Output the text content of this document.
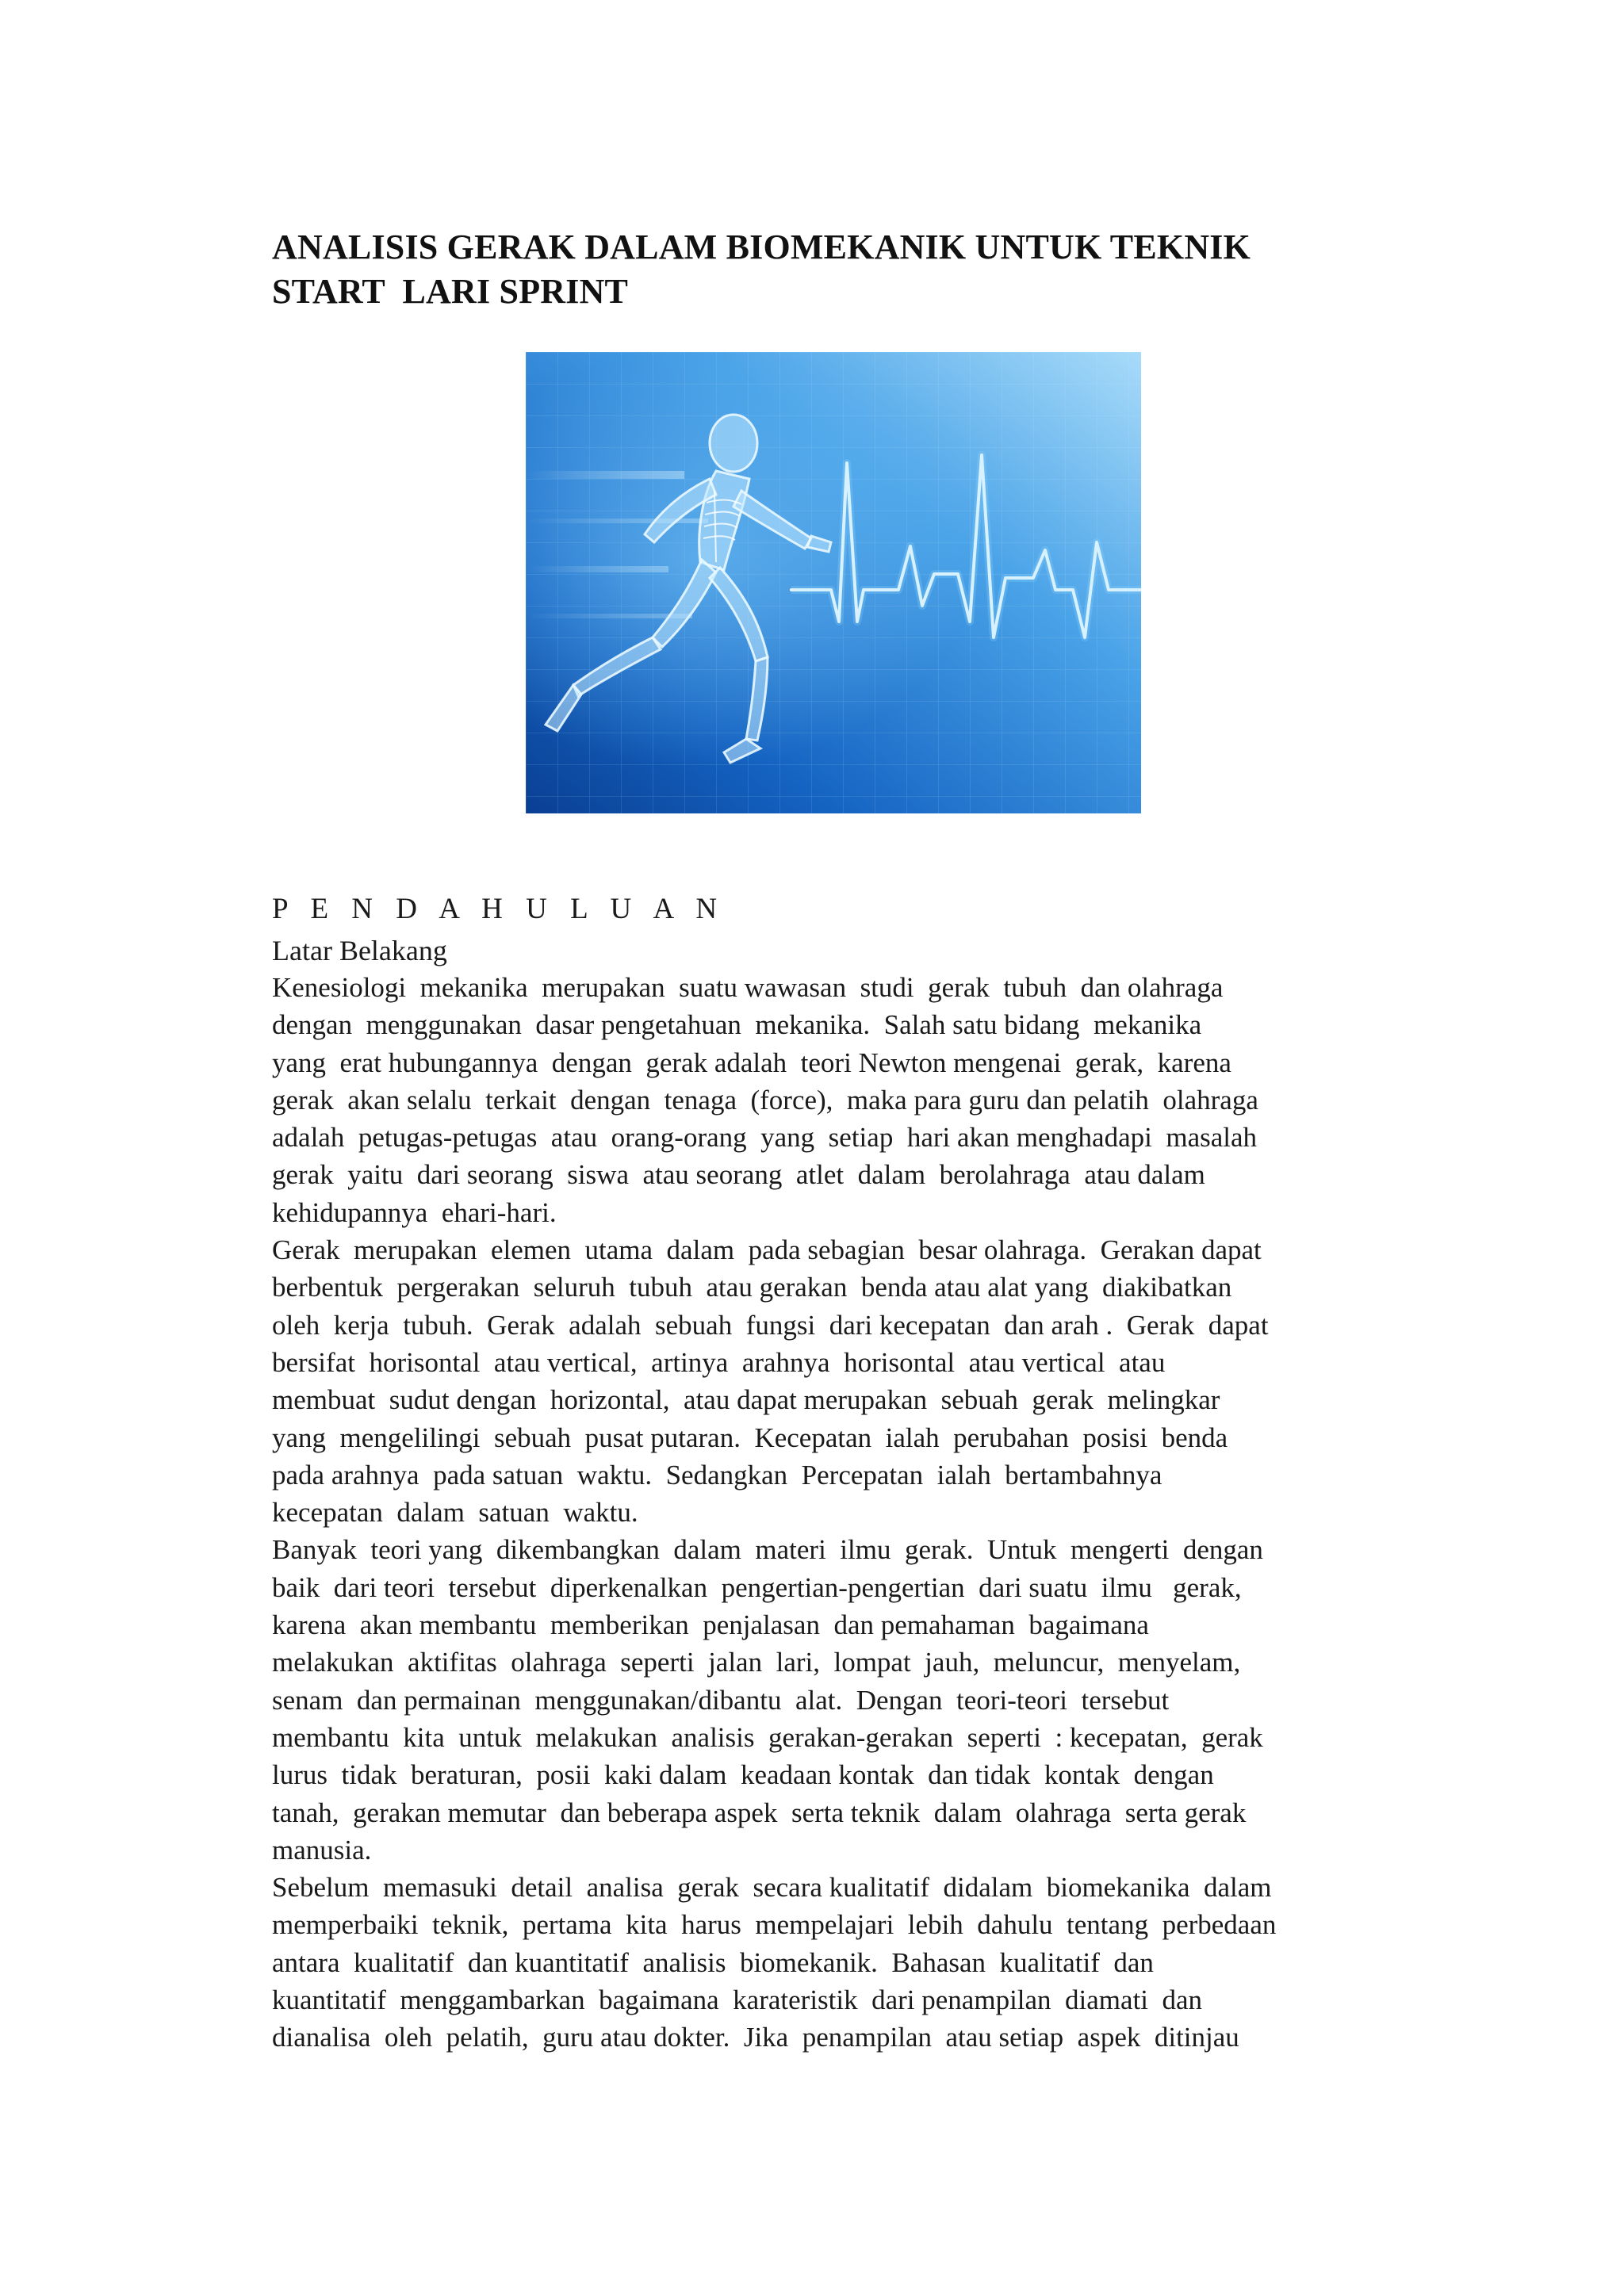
ANALISIS GERAK DALAM BIOMEKANIK UNTUK TEKNIK
START  LARI SPRINT
P E N D A H U L U A N
Latar Belakang

Kenesiologi  mekanika  merupakan  suatu wawasan  studi  gerak  tubuh  dan olahraga
dengan  menggunakan  dasar pengetahuan  mekanika.  Salah satu bidang  mekanika
yang  erat hubungannya  dengan  gerak adalah  teori Newton mengenai  gerak,  karena
gerak  akan selalu  terkait  dengan  tenaga  (force),  maka para guru dan pelatih  olahraga
adalah  petugas-petugas  atau  orang-orang  yang  setiap  hari akan menghadapi  masalah
gerak  yaitu  dari seorang  siswa  atau seorang  atlet  dalam  berolahraga  atau dalam
kehidupannya  ehari-hari.

Gerak  merupakan  elemen  utama  dalam  pada sebagian  besar olahraga.  Gerakan dapat
berbentuk  pergerakan  seluruh  tubuh  atau gerakan  benda atau alat yang  diakibatkan
oleh  kerja  tubuh.  Gerak  adalah  sebuah  fungsi  dari kecepatan  dan arah .  Gerak  dapat
bersifat  horisontal  atau vertical,  artinya  arahnya  horisontal  atau vertical  atau
membuat  sudut dengan  horizontal,  atau dapat merupakan  sebuah  gerak  melingkar
yang  mengelilingi  sebuah  pusat putaran.  Kecepatan  ialah  perubahan  posisi  benda
pada arahnya  pada satuan  waktu.  Sedangkan  Percepatan  ialah  bertambahnya
kecepatan  dalam  satuan  waktu.

Banyak  teori yang  dikembangkan  dalam  materi  ilmu  gerak.  Untuk  mengerti  dengan
baik  dari teori  tersebut  diperkenalkan  pengertian-pengertian  dari suatu  ilmu   gerak,
karena  akan membantu  memberikan  penjalasan  dan pemahaman  bagaimana
melakukan  aktifitas  olahraga  seperti  jalan  lari,  lompat  jauh,  meluncur,  menyelam,
senam  dan permainan  menggunakan/dibantu  alat.  Dengan  teori-teori  tersebut
membantu  kita  untuk  melakukan  analisis  gerakan-gerakan  seperti  : kecepatan,  gerak
lurus  tidak  beraturan,  posii  kaki dalam  keadaan kontak  dan tidak  kontak  dengan
tanah,  gerakan memutar  dan beberapa aspek  serta teknik  dalam  olahraga  serta gerak
manusia.

Sebelum  memasuki  detail  analisa  gerak  secara kualitatif  didalam  biomekanika  dalam
memperbaiki  teknik,  pertama  kita  harus  mempelajari  lebih  dahulu  tentang  perbedaan
antara  kualitatif  dan kuantitatif  analisis  biomekanik.  Bahasan  kualitatif  dan
kuantitatif  menggambarkan  bagaimana  karateristik  dari penampilan  diamati  dan
dianalisa  oleh  pelatih,  guru atau dokter.  Jika  penampilan  atau setiap  aspek  ditinjau
